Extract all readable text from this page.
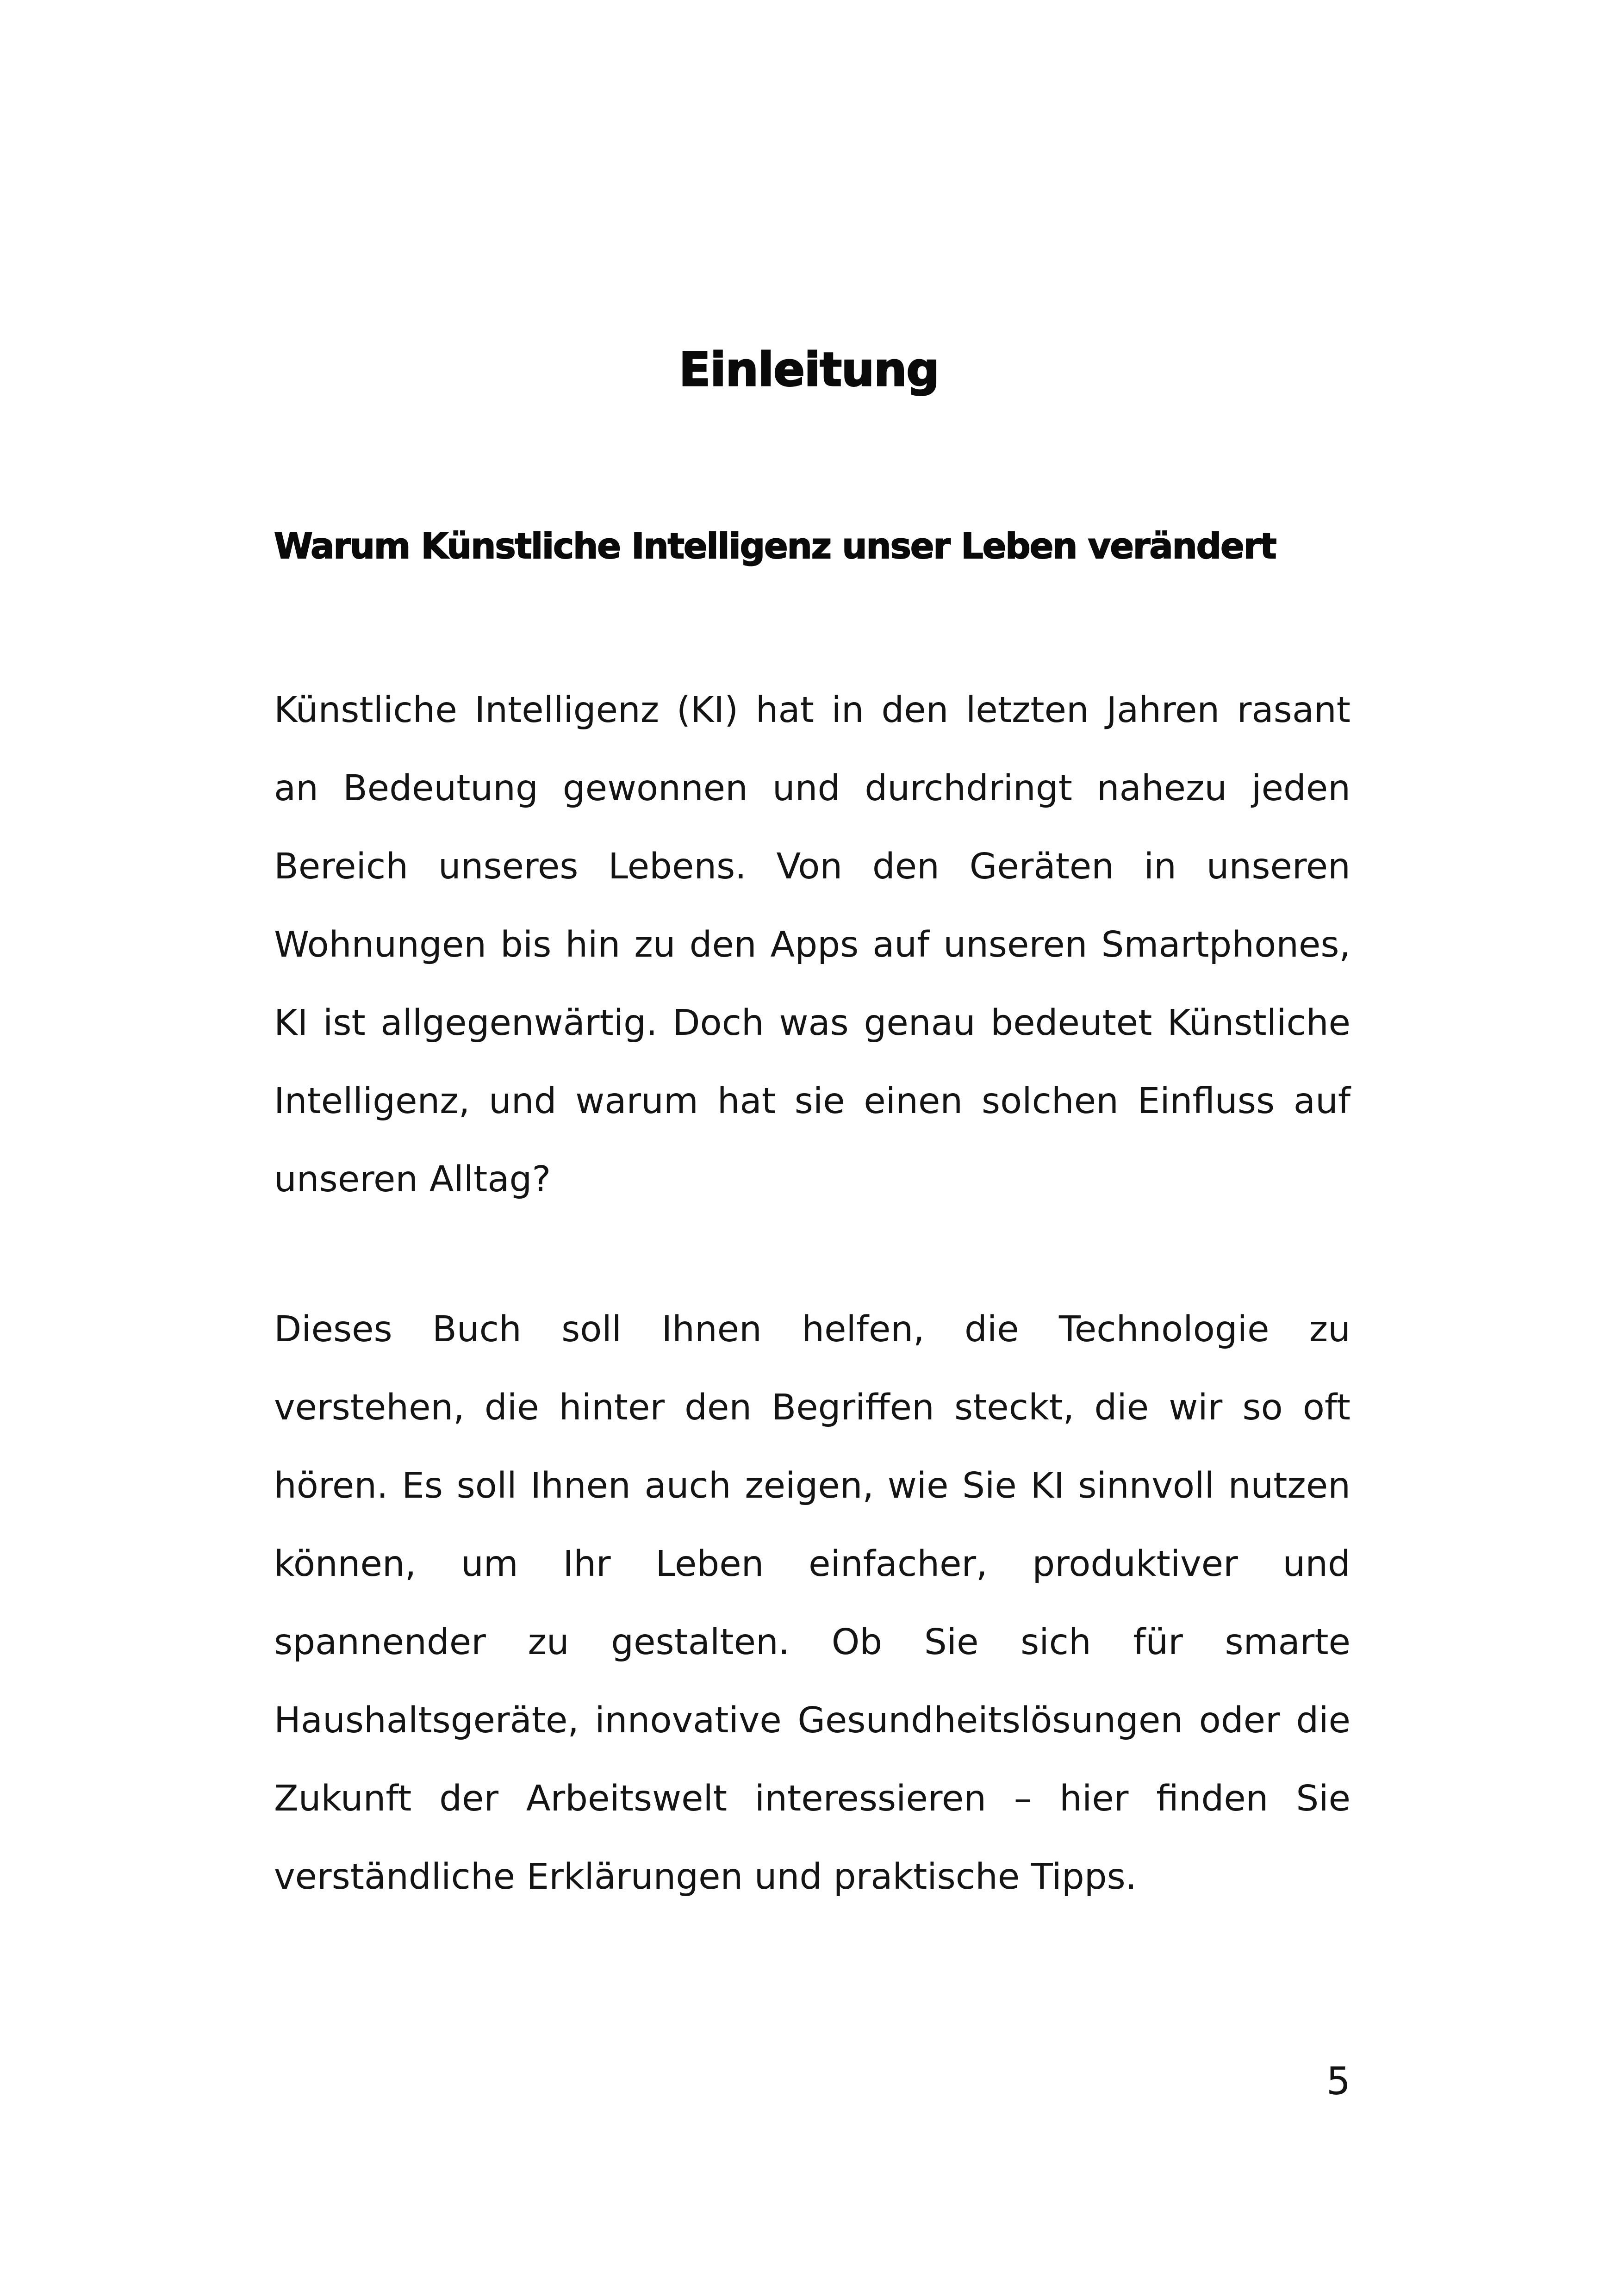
Einleitung
Warum Künstliche Intelligenz unser Leben verändert

Künstliche Intelligenz (KI) hat in den letzten Jahren rasant an Bedeutung gewonnen und durchdringt nahezu jeden Bereich unseres Lebens. Von den Geräten in unseren Wohnungen bis hin zu den Apps auf unseren Smartphones, KI ist allgegenwärtig. Doch was genau bedeutet Künstliche Intelligenz, und warum hat sie einen solchen Einfluss auf unseren Alltag?

Dieses Buch soll Ihnen helfen, die Technologie zu verstehen, die hinter den Begriffen steckt, die wir so oft hören. Es soll Ihnen auch zeigen, wie Sie KI sinnvoll nutzen können, um Ihr Leben einfacher, produktiver und spannender zu gestalten. Ob Sie sich für smarte Haushaltsgeräte, innovative Gesundheitslösungen oder die Zukunft der Arbeitswelt interessieren – hier finden Sie verständliche Erklärungen und praktische Tipps.

5
